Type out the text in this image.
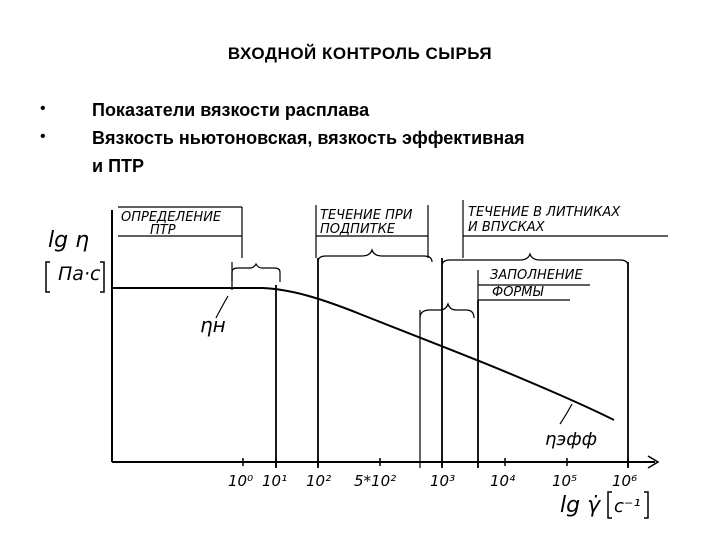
ВХОДНОЙ КОНТРОЛЬ СЫРЬЯ
•	Показатели вязкости расплава
•	Вязкость ньютоновская, вязкость эффективная
и ПТР
lg η
Па·с
ОПРЕДЕЛЕНИЕ
ПТР
ТЕЧЕНИЕ ПРИ
ПОДПИТКЕ
ТЕЧЕНИЕ В ЛИТНИКАХ
И ВПУСКАХ
ЗАПОЛНЕНИЕ
ФОРМЫ
ηн
ηэфф
10⁰ 10¹ 10² 5*10² 10³ 10⁴ 10⁵ 10⁶
lg γ̇ с⁻¹
